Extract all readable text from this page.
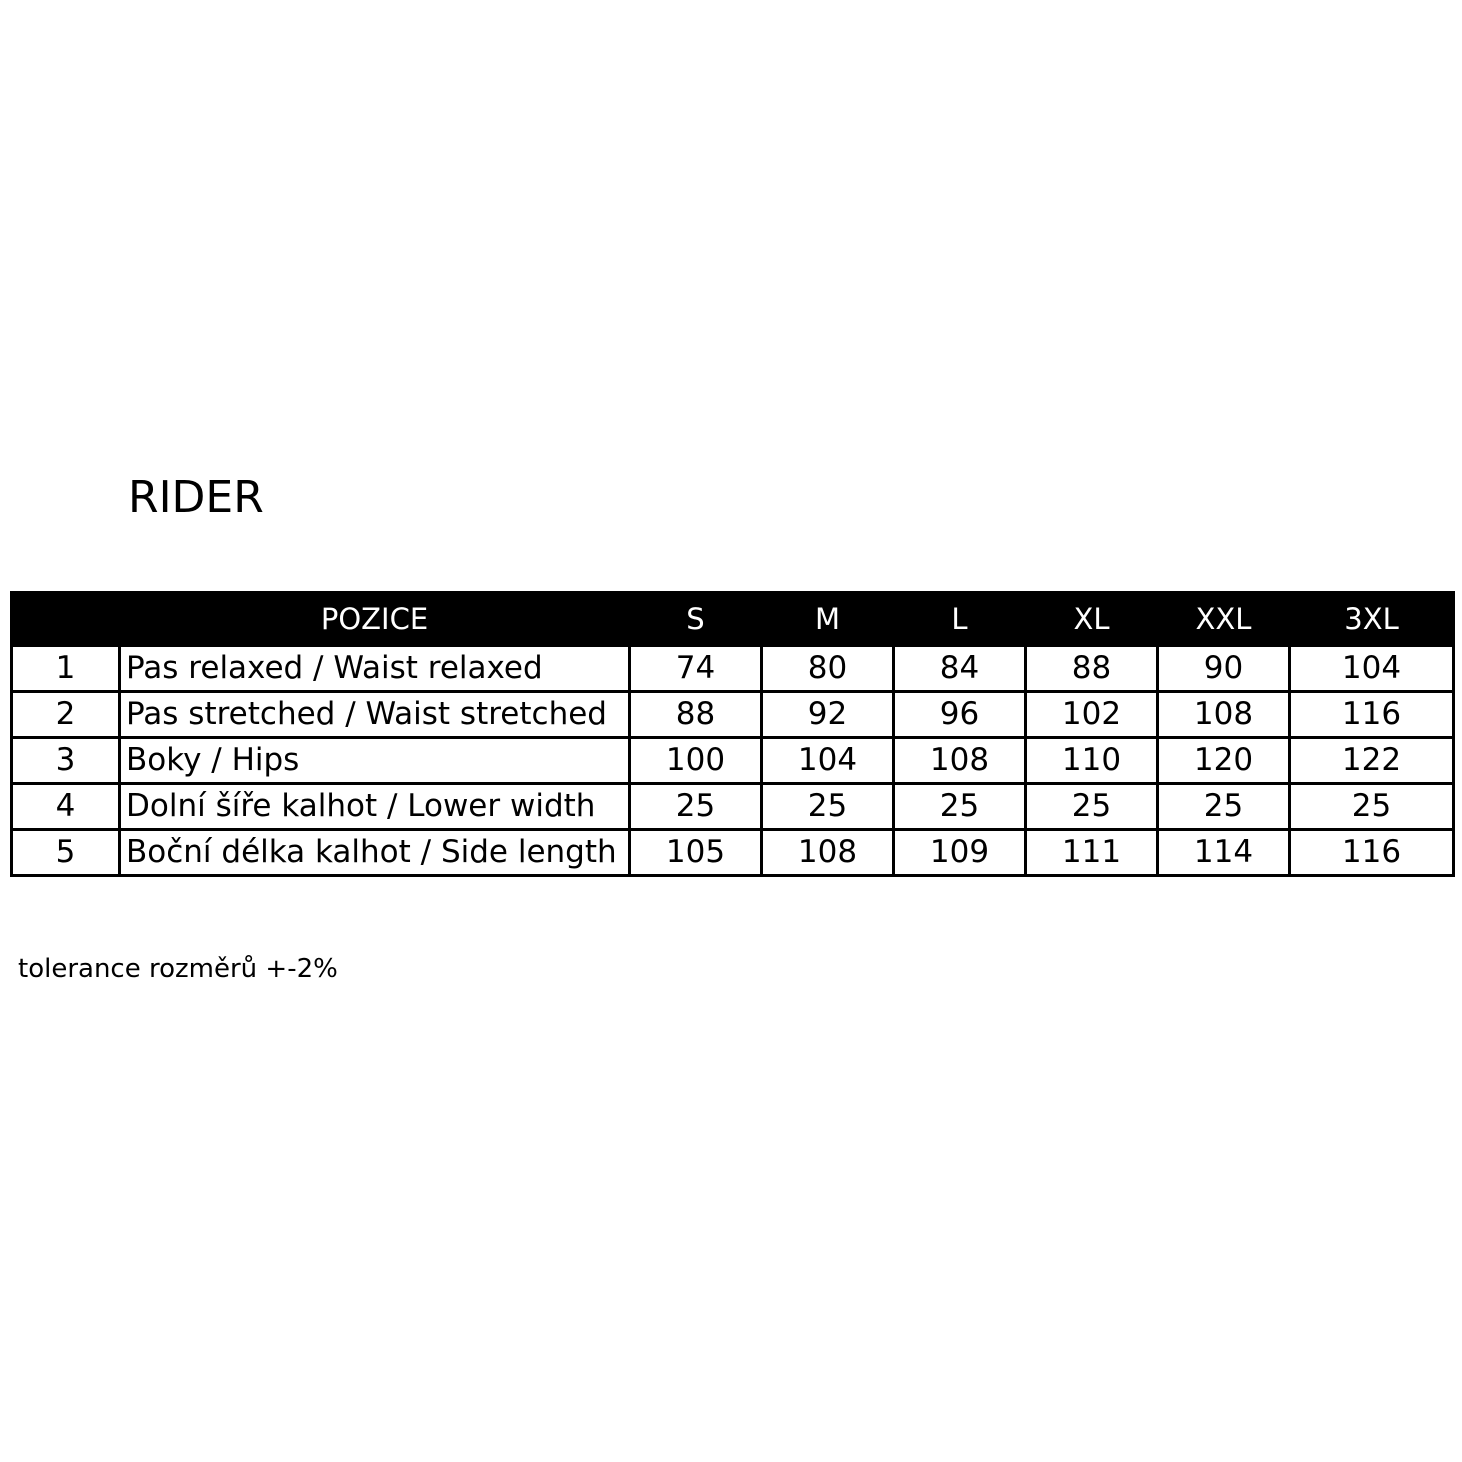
RIDER
	POZICE	S	M	L	XL	XXL	3XL
1	Pas relaxed / Waist relaxed	74	80	84	88	90	104
2	Pas stretched / Waist stretched	88	92	96	102	108	116
3	Boky / Hips	100	104	108	110	120	122
4	Dolní šíře kalhot / Lower width	25	25	25	25	25	25
5	Boční délka kalhot / Side length	105	108	109	111	114	116

tolerance rozměrů +-2%
